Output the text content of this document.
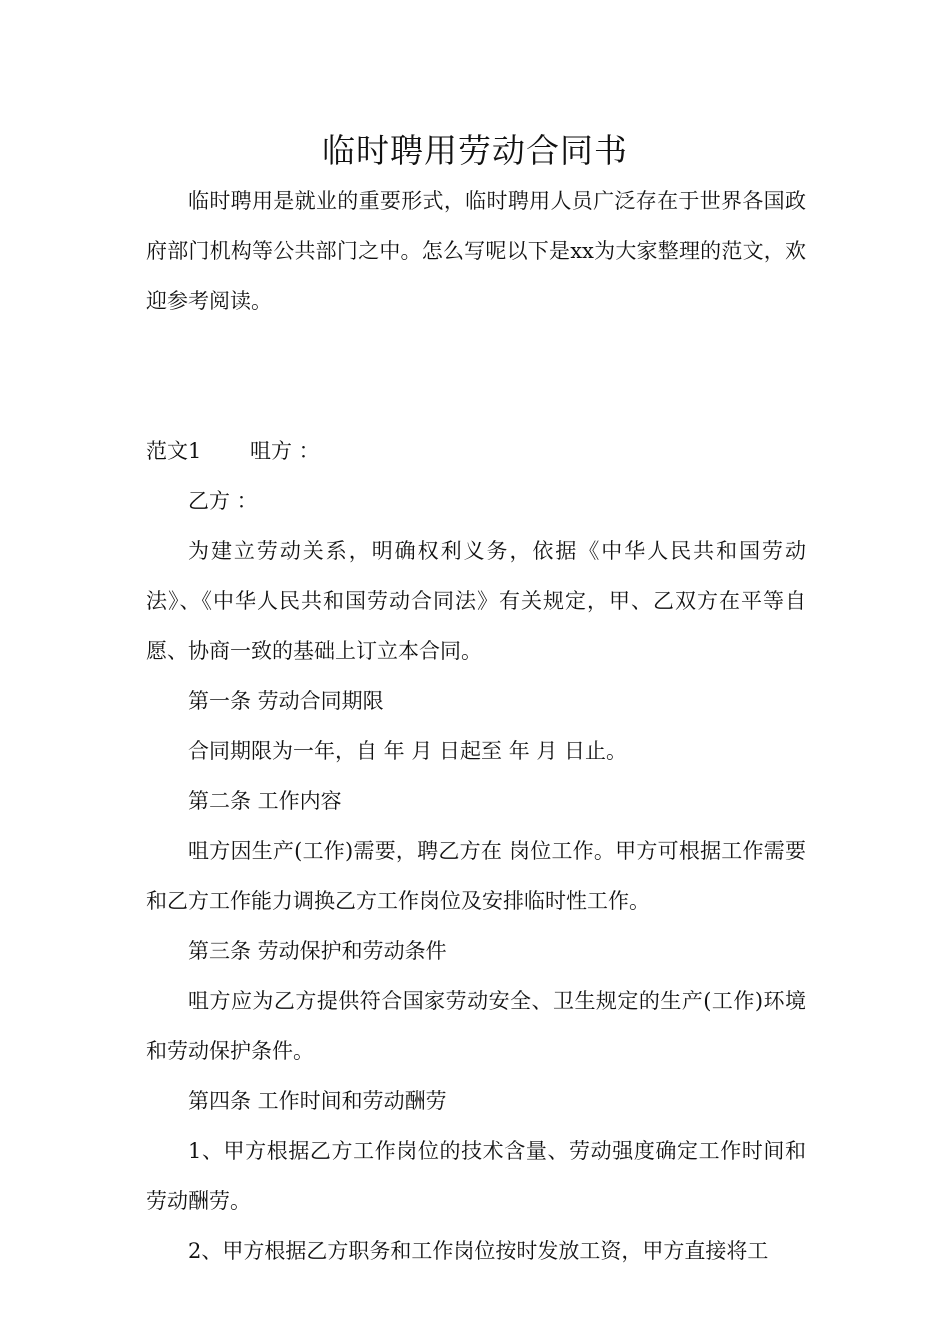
临时聘用劳动合同书

临时聘用是就业的重要形式，临时聘用人员广泛存在于世界各国政府部门机构等公共部门之中。怎么写呢以下是xx为大家整理的范文，欢迎参考阅读。

范文1 咀方 ：

乙方 ：

为建立劳动关系，明确权利义务，依据《中华人民共和国劳动法》、《中华人民共和国劳动合同法》有关规定，甲、乙双方在平等自愿、协商一致的基础上订立本合同。

第一条 劳动合同期限

合同期限为一年，自 年 月 日起至 年 月 日止。

第二条 工作内容

咀方因生产(工作)需要，聘乙方在 岗位工作。甲方可根据工作需要和乙方工作能力调换乙方工作岗位及安排临时性工作。

第三条 劳动保护和劳动条件

咀方应为乙方提供符合国家劳动安全、卫生规定的生产(工作)环境和劳动保护条件。

第四条 工作时间和劳动酬劳

1、甲方根据乙方工作岗位的技术含量、劳动强度确定工作时间和劳动酬劳。

2、甲方根据乙方职务和工作岗位按时发放工资，甲方直接将工
